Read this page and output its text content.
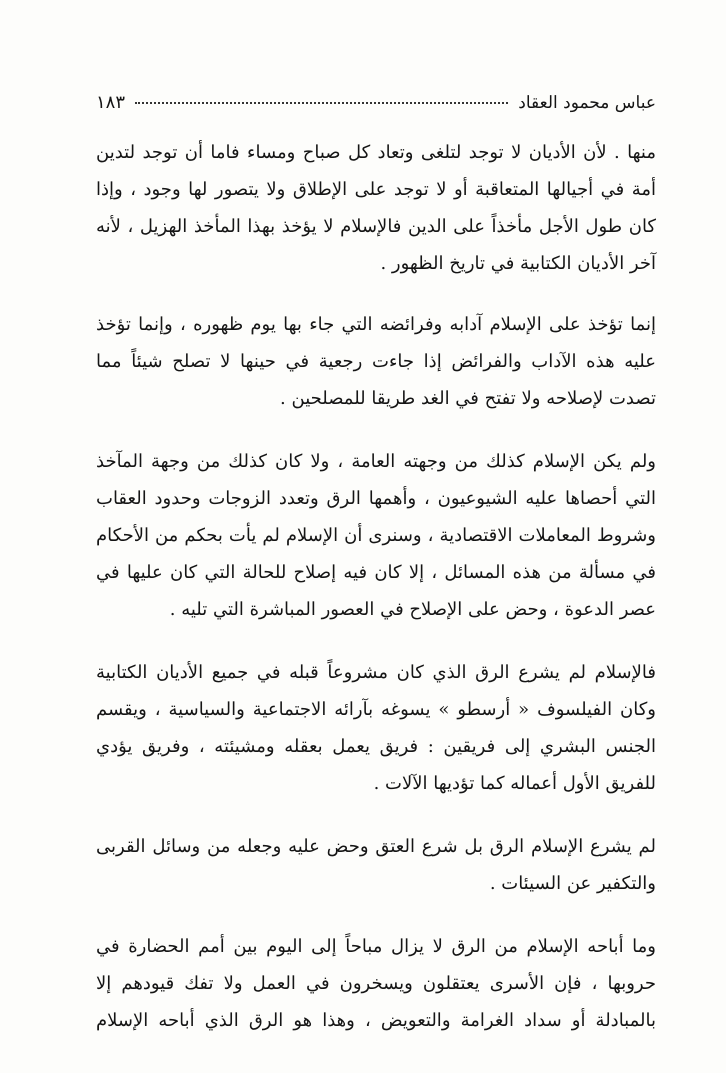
عباس محمود العقاد
١٨٣

منها . لأن الأديان لا توجد لتلغى وتعاد كل صباح ومساء فاما أن توجد لتدين أمة في أجيالها المتعاقبة أو لا توجد على الإطلاق ولا يتصور لها وجود ، وإذا كان طول الأجل مأخذاً على الدين فالإسلام لا يؤخذ بهذا المأخذ الهزيل ، لأنه آخر الأديان الكتابية في تاريخ الظهور .

إنما تؤخذ على الإسلام آدابه وفرائضه التي جاء بها يوم ظهوره ، وإنما تؤخذ عليه هذه الآداب والفرائض إذا جاءت رجعية في حينها لا تصلح شيئاً مما تصدت لإصلاحه ولا تفتح في الغد طريقا للمصلحين .

ولم يكن الإسلام كذلك من وجهته العامة ، ولا كان كذلك من وجهة المآخذ التي أحصاها عليه الشيوعيون ، وأهمها الرق وتعدد الزوجات وحدود العقاب وشروط المعاملات الاقتصادية ، وسنرى أن الإسلام لم يأت بحكم من الأحكام في مسألة من هذه المسائل ، إلا كان فيه إصلاح للحالة التي كان عليها في عصر الدعوة ، وحض على الإصلاح في العصور المباشرة التي تليه .

فالإسلام لم يشرع الرق الذي كان مشروعاً قبله في جميع الأديان الكتابية وكان الفيلسوف « أرسطو » يسوغه بآرائه الاجتماعية والسياسية ، ويقسم الجنس البشري إلى فريقين : فريق يعمل بعقله ومشيئته ، وفريق يؤدي للفريق الأول أعماله كما تؤديها الآلات .

لم يشرع الإسلام الرق بل شرع العتق وحض عليه وجعله من وسائل القربى والتكفير عن السيئات .

وما أباحه الإسلام من الرق لا يزال مباحاً إلى اليوم بين أمم الحضارة في حروبها ، فإن الأسرى يعتقلون ويسخرون في العمل ولا تفك قيودهم إلا بالمبادلة أو سداد الغرامة والتعويض ، وهذا هو الرق الذي أباحه الإسلام
